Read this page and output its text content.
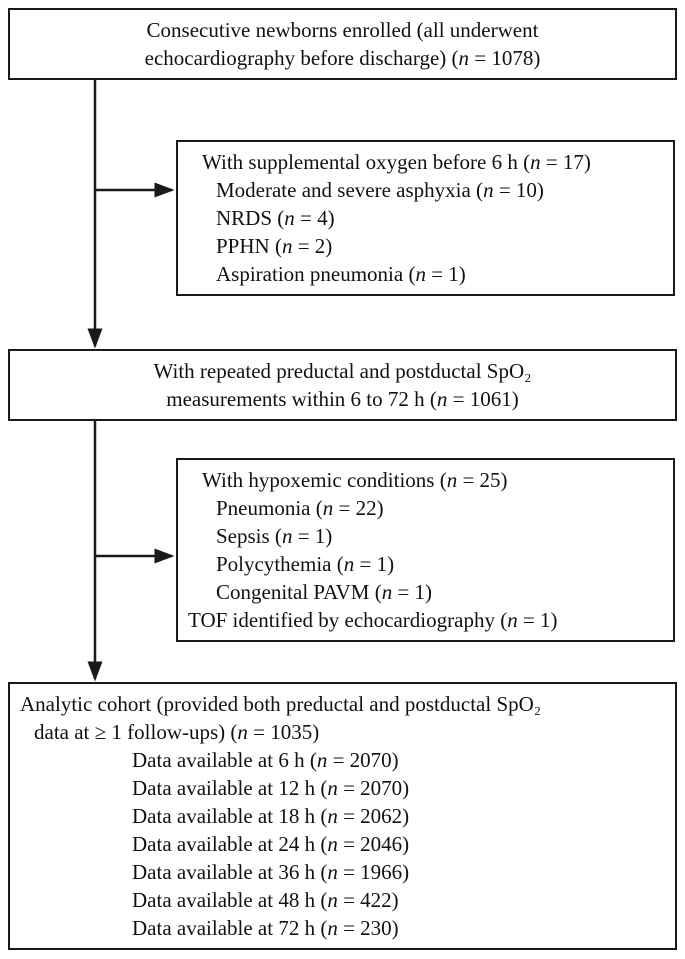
Consecutive newborns enrolled (all underwent
echocardiography before discharge) (n = 1078)
With supplemental oxygen before 6 h (n = 17)
Moderate and severe asphyxia (n = 10)
NRDS (n = 4)
PPHN (n = 2)
Aspiration pneumonia (n = 1)
With repeated preductal and postductal SpO₂
measurements within 6 to 72 h (n = 1061)
With hypoxemic conditions (n = 25)
Pneumonia (n = 22)
Sepsis (n = 1)
Polycythemia (n = 1)
Congenital PAVM (n = 1)
TOF identified by echocardiography (n = 1)
Analytic cohort (provided both preductal and postductal SpO₂
data at ≥ 1 follow-ups) (n = 1035)
Data available at 6 h (n = 2070)
Data available at 12 h (n = 2070)
Data available at 18 h (n = 2062)
Data available at 24 h (n = 2046)
Data available at 36 h (n = 1966)
Data available at 48 h (n = 422)
Data available at 72 h (n = 230)
